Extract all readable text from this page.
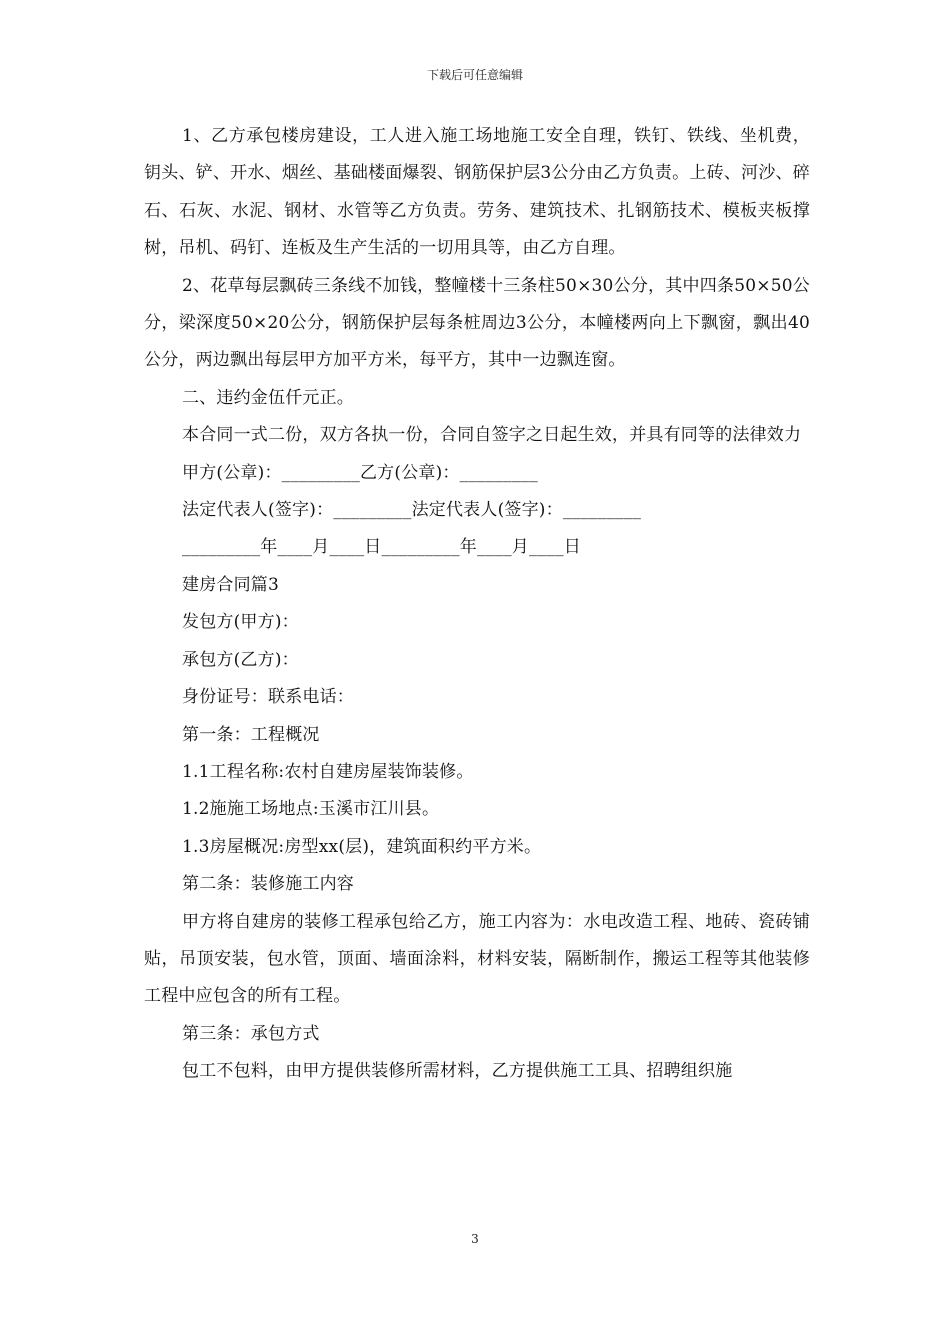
下载后可任意编辑

1、乙方承包楼房建设，工人进入施工场地施工安全自理，铁钉、铁线、坐机费，钥头、铲、开水、烟丝、基础楼面爆裂、钢筋保护层3公分由乙方负责。上砖、河沙、碎石、石灰、水泥、钢材、水管等乙方负责。劳务、建筑技术、扎钢筋技术、模板夹板撑树，吊机、码钉、连板及生产生活的一切用具等，由乙方自理。

2、花草每层飘砖三条线不加钱，整幢楼十三条柱50×30公分，其中四条50×50公分，梁深度50×20公分，钢筋保护层每条桩周边3公分，本幢楼两向上下飘窗，飘出40公分，两边飘出每层甲方加平方米，每平方，其中一边飘连窗。

二、违约金伍仟元正。

本合同一式二份，双方各执一份，合同自签字之日起生效，并具有同等的法律效力

甲方(公章)：_________乙方(公章)：_________

法定代表人(签字)：_________法定代表人(签字)：_________

_________年____月____日_________年____月____日

建房合同篇3

发包方(甲方)：

承包方(乙方)：

身份证号：联系电话：

第一条：工程概况

1.1工程名称:农村自建房屋装饰装修。

1.2施施工场地点:玉溪市江川县。

1.3房屋概况:房型xx(层)，建筑面积约平方米。

第二条：装修施工内容

甲方将自建房的装修工程承包给乙方，施工内容为：水电改造工程、地砖、瓷砖铺贴，吊顶安装，包水管，顶面、墙面涂料，材料安装，隔断制作，搬运工程等其他装修工程中应包含的所有工程。

第三条：承包方式

包工不包料，由甲方提供装修所需材料，乙方提供施工工具、招聘组织施

3
